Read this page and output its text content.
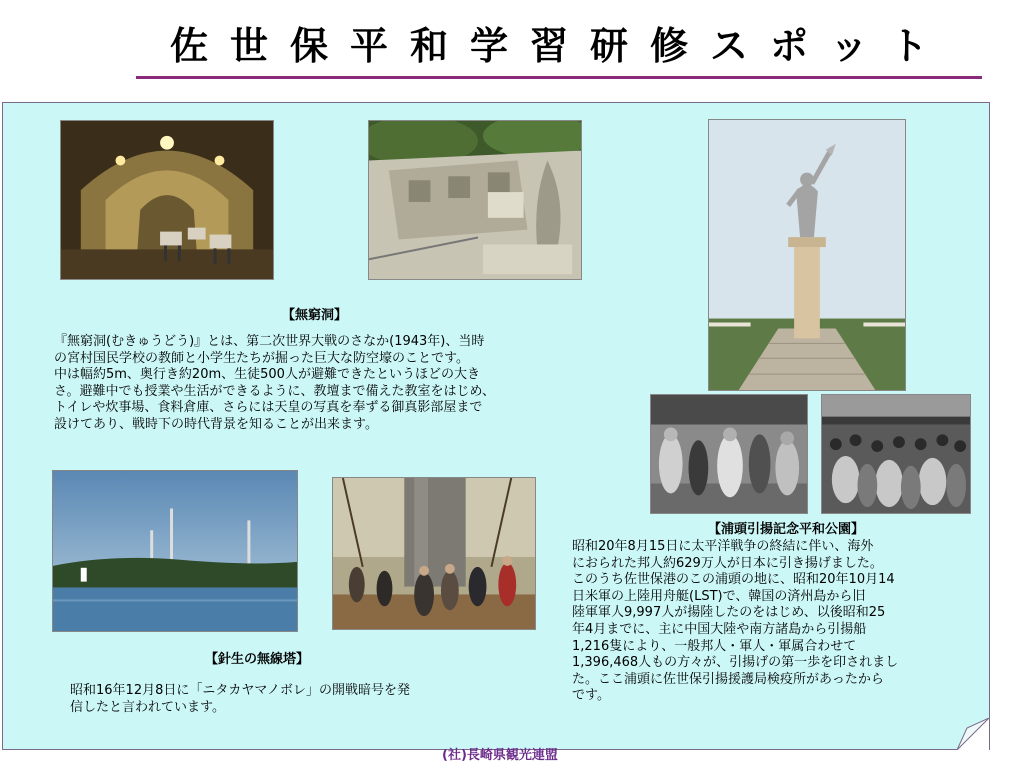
佐世保平和学習研修スポット
【無窮洞】
『無窮洞(むきゅうどう)』とは、第二次世界大戦のさなか(1943年)、当時
の宮村国民学校の教師と小学生たちが掘った巨大な防空壕のことです。
中は幅約5m、奥行き約20m、生徒500人が避難できたというほどの大き
さ。避難中でも授業や生活ができるように、教壇まで備えた教室をはじめ、
トイレや炊事場、食料倉庫、さらには天皇の写真を奉ずる御真影部屋まで
設けてあり、戦時下の時代背景を知ることが出来ます。
【針生の無線塔】
昭和16年12月8日に「ニタカヤマノボレ」の開戦暗号を発
信したと言われています。
【浦頭引揚記念平和公園】
昭和20年8月15日に太平洋戦争の終結に伴い、海外
におられた邦人約629万人が日本に引き揚げました。
このうち佐世保港のこの浦頭の地に、昭和20年10月14
日米軍の上陸用舟艇(LST)で、韓国の済州島から旧
陸軍軍人9,997人が揚陸したのをはじめ、以後昭和25
年4月までに、主に中国大陸や南方諸島から引揚船
1,216隻により、一般邦人・軍人・軍属合わせて
1,396,468人もの方々が、引揚げの第一歩を印されまし
た。ここ浦頭に佐世保引揚援護局検疫所があったから
です。
(社)長崎県観光連盟
